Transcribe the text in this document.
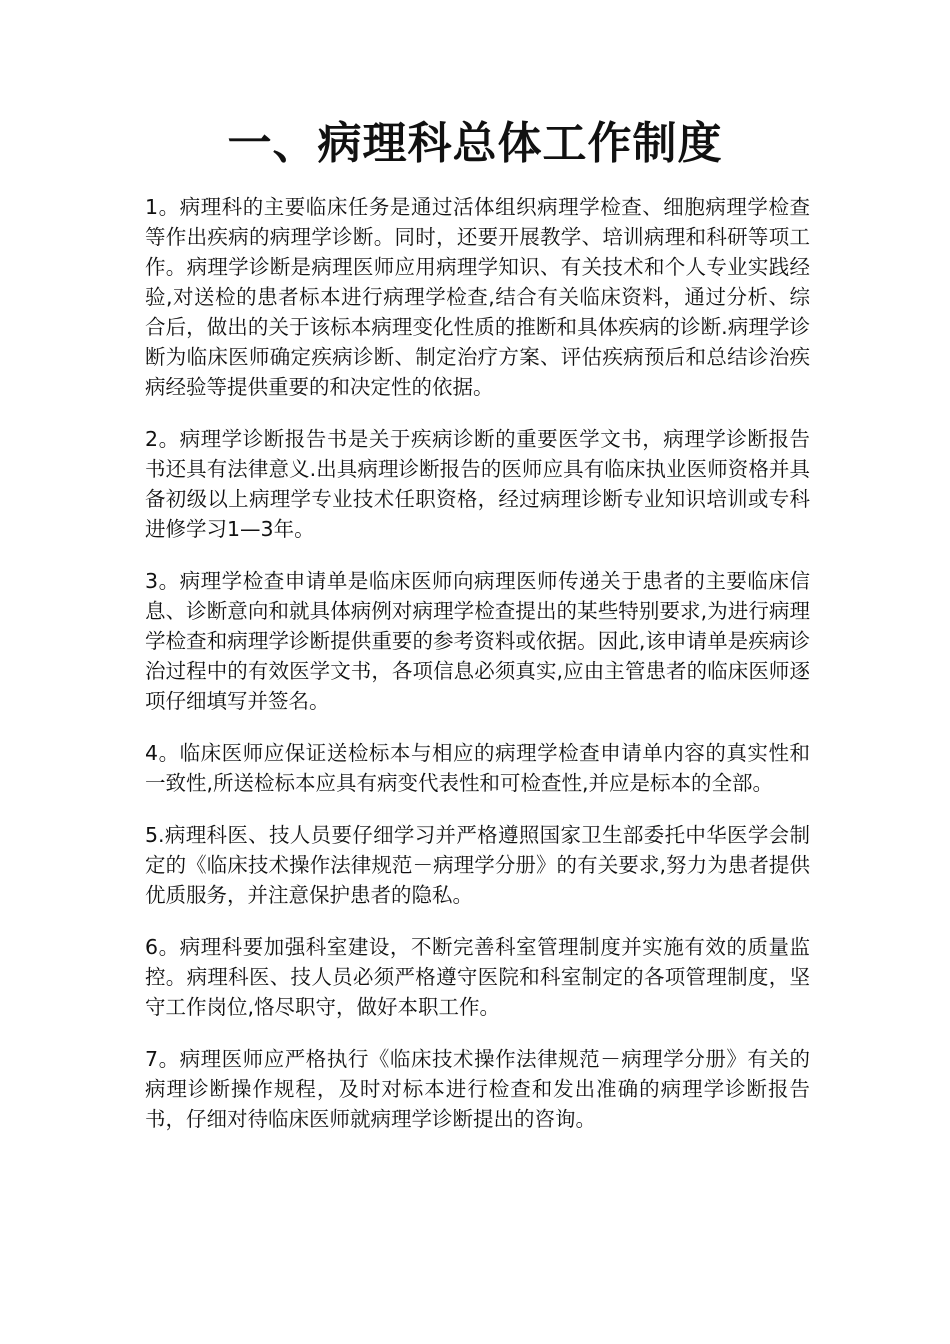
一、病理科总体工作制度

1。病理科的主要临床任务是通过活体组织病理学检查、细胞病理学检查等作出疾病的病理学诊断。同时，还要开展教学、培训病理和科研等项工作。病理学诊断是病理医师应用病理学知识、有关技术和个人专业实践经验,对送检的患者标本进行病理学检查,结合有关临床资料，通过分析、综合后，做出的关于该标本病理变化性质的推断和具体疾病的诊断.病理学诊断为临床医师确定疾病诊断、制定治疗方案、评估疾病预后和总结诊治疾病经验等提供重要的和决定性的依据。

2。病理学诊断报告书是关于疾病诊断的重要医学文书，病理学诊断报告书还具有法律意义.出具病理诊断报告的医师应具有临床执业医师资格并具备初级以上病理学专业技术任职资格，经过病理诊断专业知识培训或专科进修学习1—3年。

3。病理学检查申请单是临床医师向病理医师传递关于患者的主要临床信息、诊断意向和就具体病例对病理学检查提出的某些特别要求,为进行病理学检查和病理学诊断提供重要的参考资料或依据。因此,该申请单是疾病诊治过程中的有效医学文书，各项信息必须真实,应由主管患者的临床医师逐项仔细填写并签名。

4。临床医师应保证送检标本与相应的病理学检查申请单内容的真实性和一致性,所送检标本应具有病变代表性和可检查性,并应是标本的全部。

5.病理科医、技人员要仔细学习并严格遵照国家卫生部委托中华医学会制定的《临床技术操作法律规范－病理学分册》的有关要求,努力为患者提供优质服务，并注意保护患者的隐私。

6。病理科要加强科室建设，不断完善科室管理制度并实施有效的质量监控。病理科医、技人员必须严格遵守医院和科室制定的各项管理制度，坚守工作岗位,恪尽职守，做好本职工作。

7。病理医师应严格执行《临床技术操作法律规范－病理学分册》有关的病理诊断操作规程，及时对标本进行检查和发出准确的病理学诊断报告书，仔细对待临床医师就病理学诊断提出的咨询。
